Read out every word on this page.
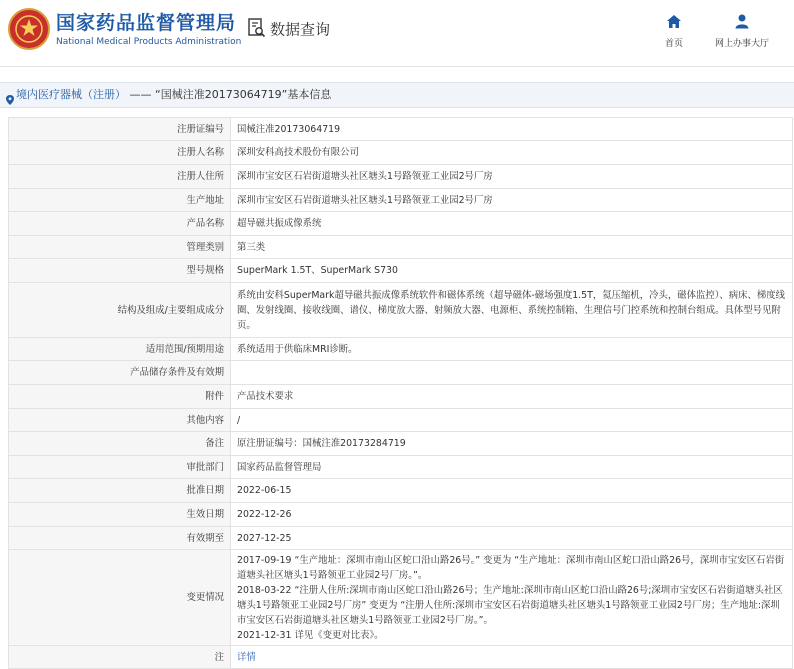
国家药品监督管理局
National Medical Products Administration
数据查询
首页	网上办事大厅
境内医疗器械（注册） —— “国械注准20173064719”基本信息
注册证编号	国械注准20173064719
注册人名称	深圳安科高技术股份有限公司
注册人住所	深圳市宝安区石岩街道塘头社区塘头1号路领亚工业园2号厂房
生产地址	深圳市宝安区石岩街道塘头社区塘头1号路领亚工业园2号厂房
产品名称	超导磁共振成像系统
管理类别	第三类
型号规格	SuperMark 1.5T、SuperMark S730
结构及组成/主要组成成分	系统由安科SuperMark超导磁共振成像系统软件和磁体系统（超导磁体-磁场强度1.5T，氦压缩机，冷头，磁体监控）、病床、梯度线圈、发射线圈、接收线圈、谱仪、梯度放大器、射频放大器、电源柜、系统控制箱、生理信号门控系统和控制台组成。具体型号见附页。
适用范围/预期用途	系统适用于供临床MRI诊断。
产品储存条件及有效期	
附件	产品技术要求
其他内容	/
备注	原注册证编号：国械注准20173284719
审批部门	国家药品监督管理局
批准日期	2022-06-15
生效日期	2022-12-26
有效期至	2027-12-25
变更情况	2017-09-19 “生产地址：深圳市南山区蛇口沿山路26号。” 变更为 “生产地址：深圳市南山区蛇口沿山路26号，深圳市宝安区石岩街道塘头社区塘头1号路领亚工业园2号厂房。”。
2018-03-22 “注册人住所:深圳市南山区蛇口沿山路26号；生产地址:深圳市南山区蛇口沿山路26号;深圳市宝安区石岩街道塘头社区塘头1号路领亚工业园2号厂房” 变更为 “注册人住所:深圳市宝安区石岩街道塘头社区塘头1号路领亚工业园2号厂房；生产地址:深圳市宝安区石岩街道塘头社区塘头1号路领亚工业园2号厂房。”。
2021-12-31 详见《变更对比表》。

注	详情
